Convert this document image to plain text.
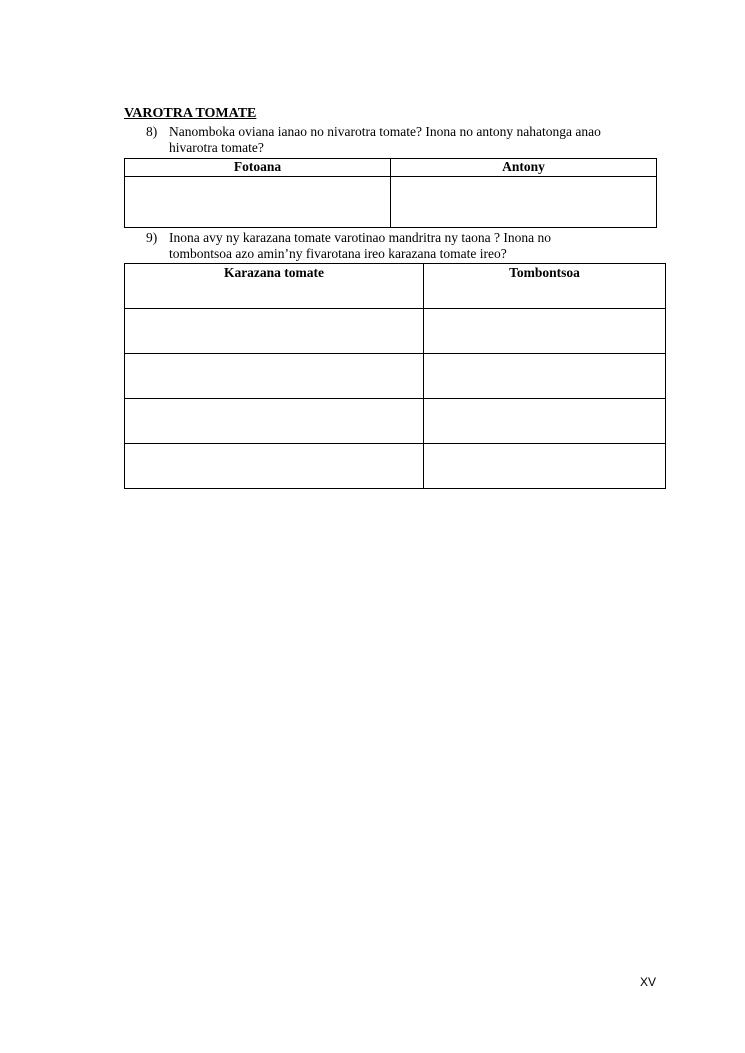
VAROTRA TOMATE
8) Nanomboka oviana ianao no nivarotra tomate? Inona no antony nahatonga anao
hivarotra tomate?
Fotoana	Antony

9) Inona avy ny karazana tomate varotinao mandritra ny taona ? Inona no
tombontsoa azo amin’ny fivarotana ireo karazana tomate ireo?
Karazana tomate	Tombontsoa

XV
